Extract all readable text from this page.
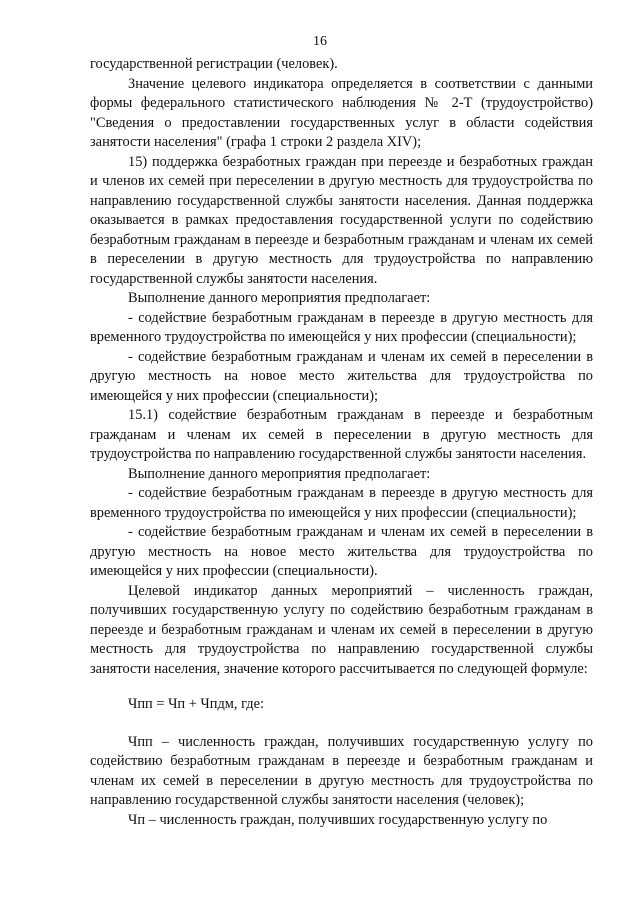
16

государственной регистрации (человек).

Значение целевого индикатора определяется в соответствии с данными формы федерального статистического наблюдения № 2-Т (трудоустройство) "Сведения о предоставлении государственных услуг в области содействия занятости населения" (графа 1 строки 2 раздела XIV);

15) поддержка безработных граждан при переезде и безработных граждан и членов их семей при переселении в другую местность для трудоустройства по направлению государственной службы занятости населения. Данная поддержка оказывается в рамках предоставления государственной услуги по содействию безработным гражданам в переезде и безработным гражданам и членам их семей в переселении в другую местность для трудоустройства по направлению государственной службы занятости населения.

Выполнение данного мероприятия предполагает:

- содействие безработным гражданам в переезде в другую местность для временного трудоустройства по имеющейся у них профессии (специальности);

- содействие безработным гражданам и членам их семей в переселении в другую местность на новое место жительства для трудоустройства по имеющейся у них профессии (специальности);

15.1) содействие безработным гражданам в переезде и безработным гражданам и членам их семей в переселении в другую местность для трудоустройства по направлению государственной службы занятости населения.

Выполнение данного мероприятия предполагает:

- содействие безработным гражданам в переезде в другую местность для временного трудоустройства по имеющейся у них профессии (специальности);

- содействие безработным гражданам и членам их семей в переселении в другую местность на новое место жительства для трудоустройства по имеющейся у них профессии (специальности).

Целевой индикатор данных мероприятий – численность граждан, получивших государственную услугу по содействию безработным гражданам в переезде и безработным гражданам и членам их семей в переселении в другую местность для трудоустройства по направлению государственной службы занятости населения, значение которого рассчитывается по следующей формуле:

Чпп = Чп + Чпдм, где:

Чпп – численность граждан, получивших государственную услугу по содействию безработным гражданам в переезде и безработным гражданам и членам их семей в переселении в другую местность для трудоустройства по направлению государственной службы занятости населения (человек);

Чп – численность граждан, получивших государственную услугу по
